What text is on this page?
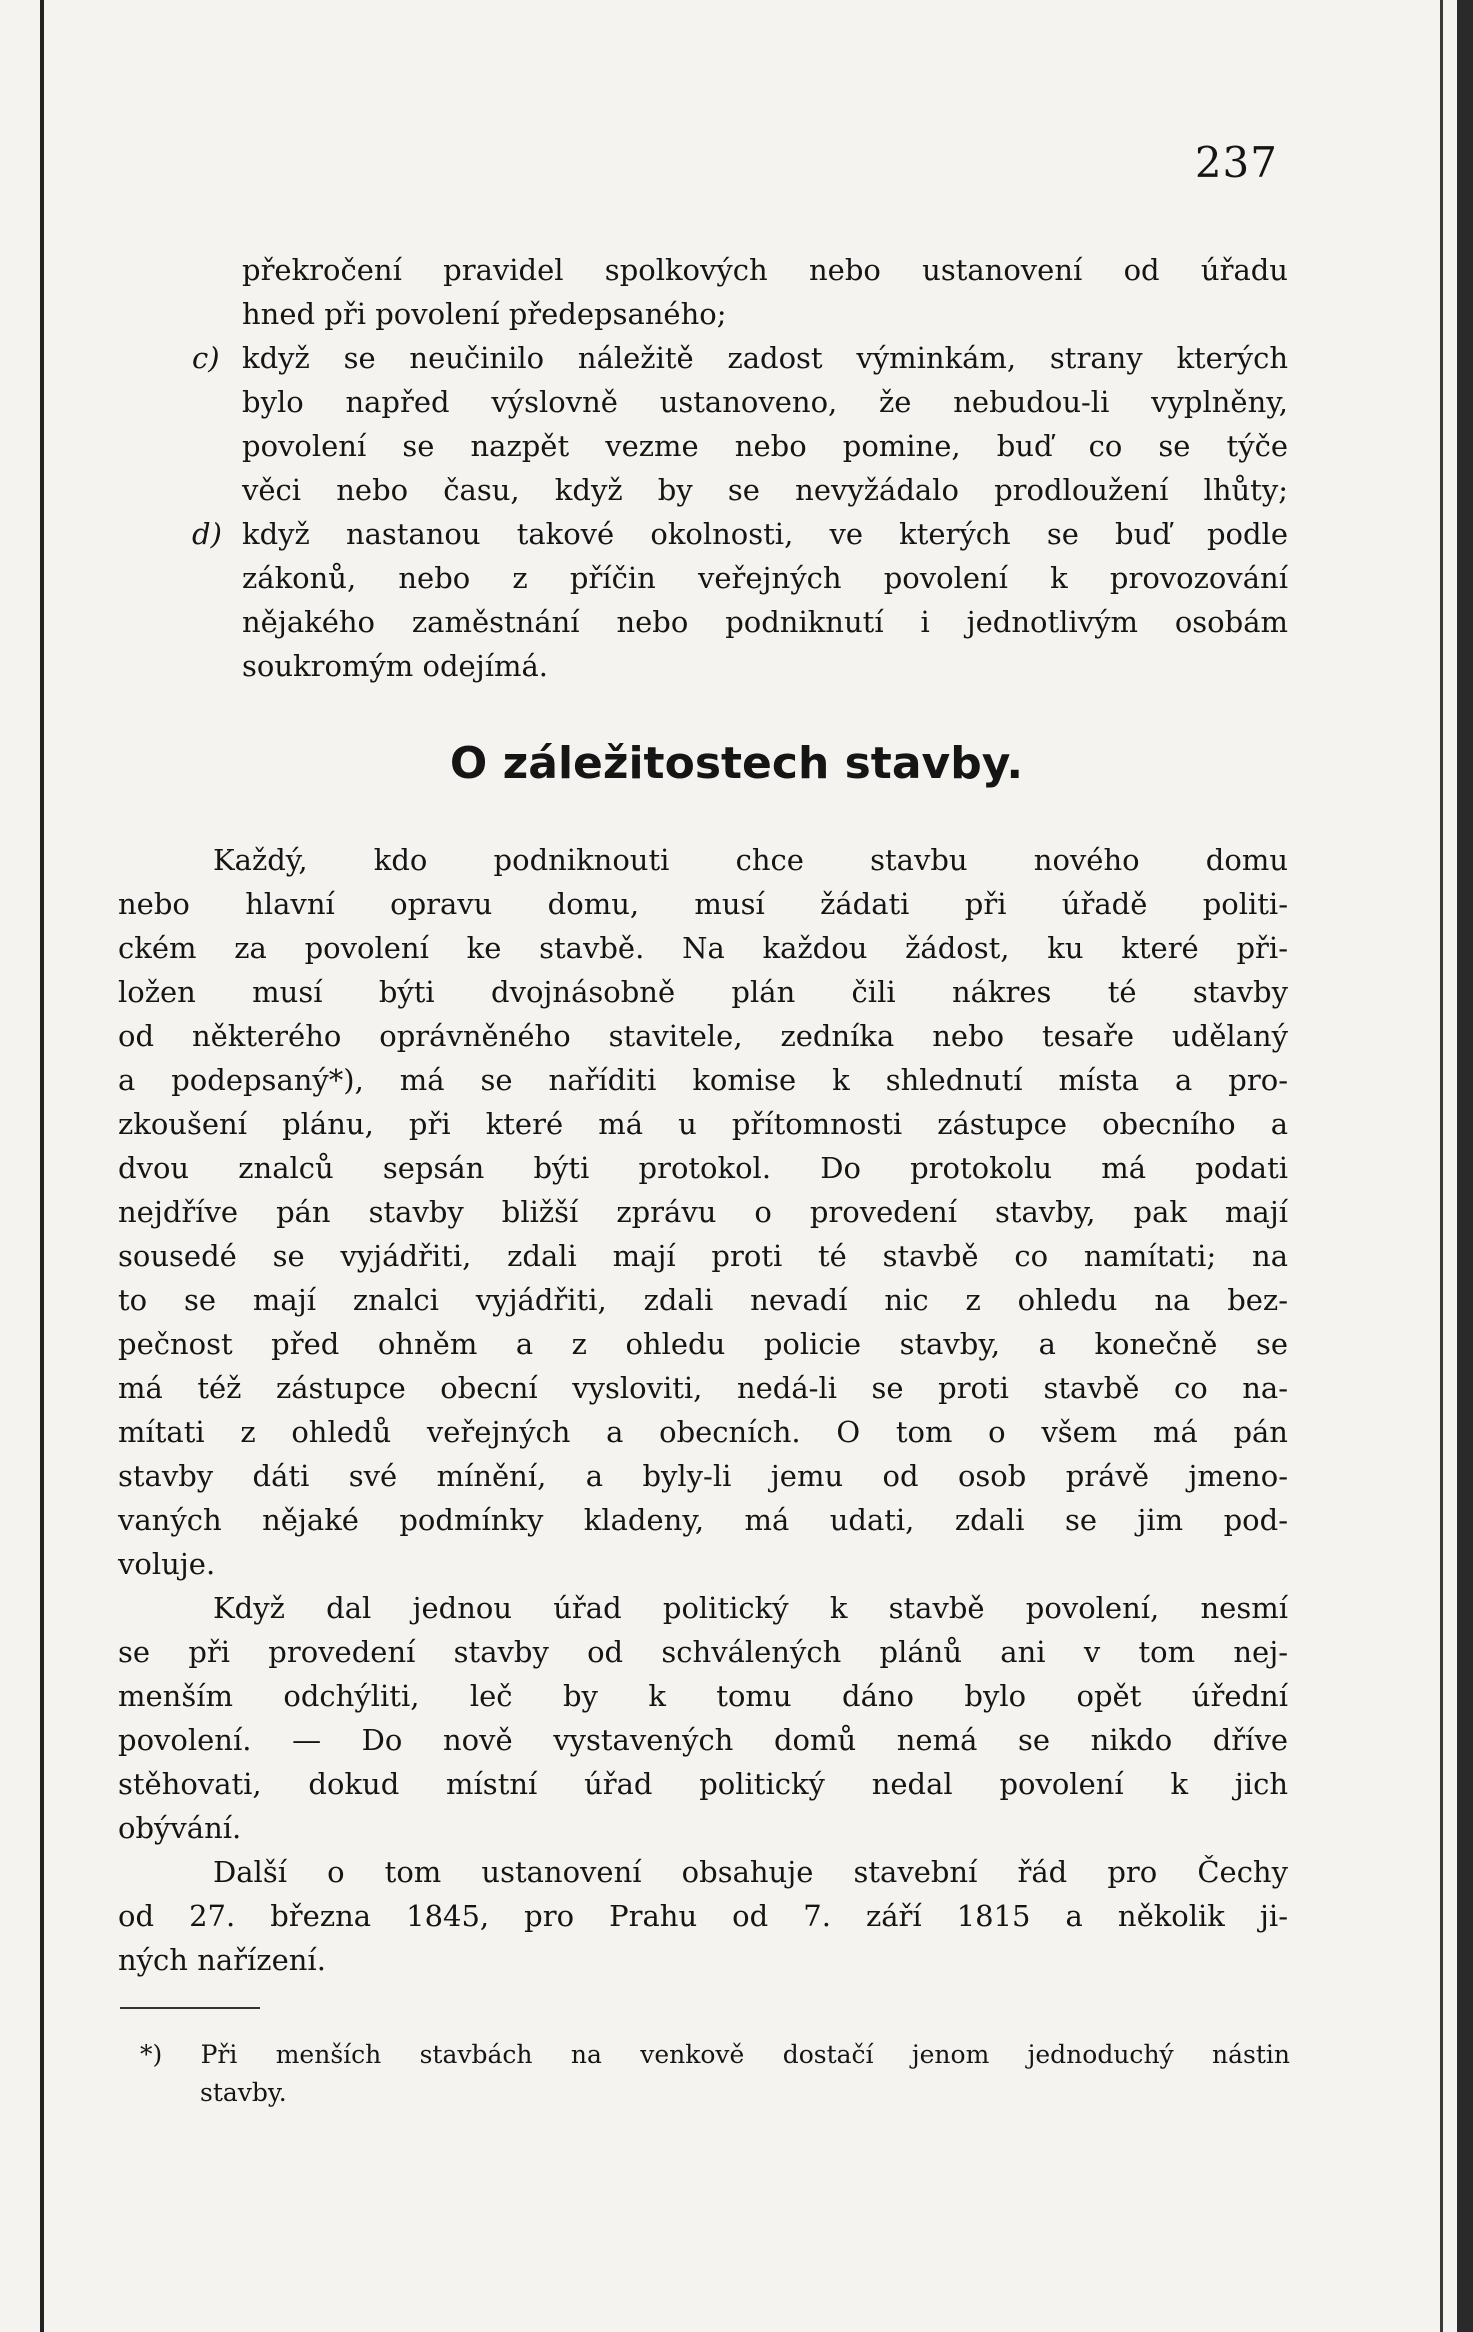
237
překročení pravidel spolkových nebo ustanovení od úřadu
hned při povolení předepsaného;
c) když se neučinilo náležitě zadost výminkám, strany kterých
bylo napřed výslovně ustanoveno, že nebudou-li vyplněny,
povolení se nazpět vezme nebo pomine, buď co se týče
věci nebo času, když by se nevyžádalo prodloužení lhůty;
d) když nastanou takové okolnosti, ve kterých se buď podle
zákonů, nebo z příčin veřejných povolení k provozování
nějakého zaměstnání nebo podniknutí i jednotlivým osobám
soukromým odejímá.
O záležitostech stavby.
Každý, kdo podniknouti chce stavbu nového domu
nebo hlavní opravu domu, musí žádati při úřadě politi-
ckém za povolení ke stavbě. Na každou žádost, ku které při-
ložen musí býti dvojnásobně plán čili nákres té stavby
od některého oprávněného stavitele, zedníka nebo tesaře udělaný
a podepsaný*), má se naříditi komise k shlednutí místa a pro-
zkoušení plánu, při které má u přítomnosti zástupce obecního a
dvou znalců sepsán býti protokol. Do protokolu má podati
nejdříve pán stavby bližší zprávu o provedení stavby, pak mají
sousedé se vyjádřiti, zdali mají proti té stavbě co namítati; na
to se mají znalci vyjádřiti, zdali nevadí nic z ohledu na bez-
pečnost před ohněm a z ohledu policie stavby, a konečně se
má též zástupce obecní vysloviti, nedá-li se proti stavbě co na-
mítati z ohledů veřejných a obecních. O tom o všem má pán
stavby dáti své mínění, a byly-li jemu od osob právě jmeno-
vaných nějaké podmínky kladeny, má udati, zdali se jim pod-
voluje.
Když dal jednou úřad politický k stavbě povolení, nesmí
se při provedení stavby od schválených plánů ani v tom nej-
menším odchýliti, leč by k tomu dáno bylo opět úřední
povolení. — Do nově vystavených domů nemá se nikdo dříve
stěhovati, dokud místní úřad politický nedal povolení k jich
obývání.
Další o tom ustanovení obsahuje stavební řád pro Čechy
od 27. března 1845, pro Prahu od 7. září 1815 a několik ji-
ných nařízení.
*) Při menších stavbách na venkově dostačí jenom jednoduchý nástin
stavby.
